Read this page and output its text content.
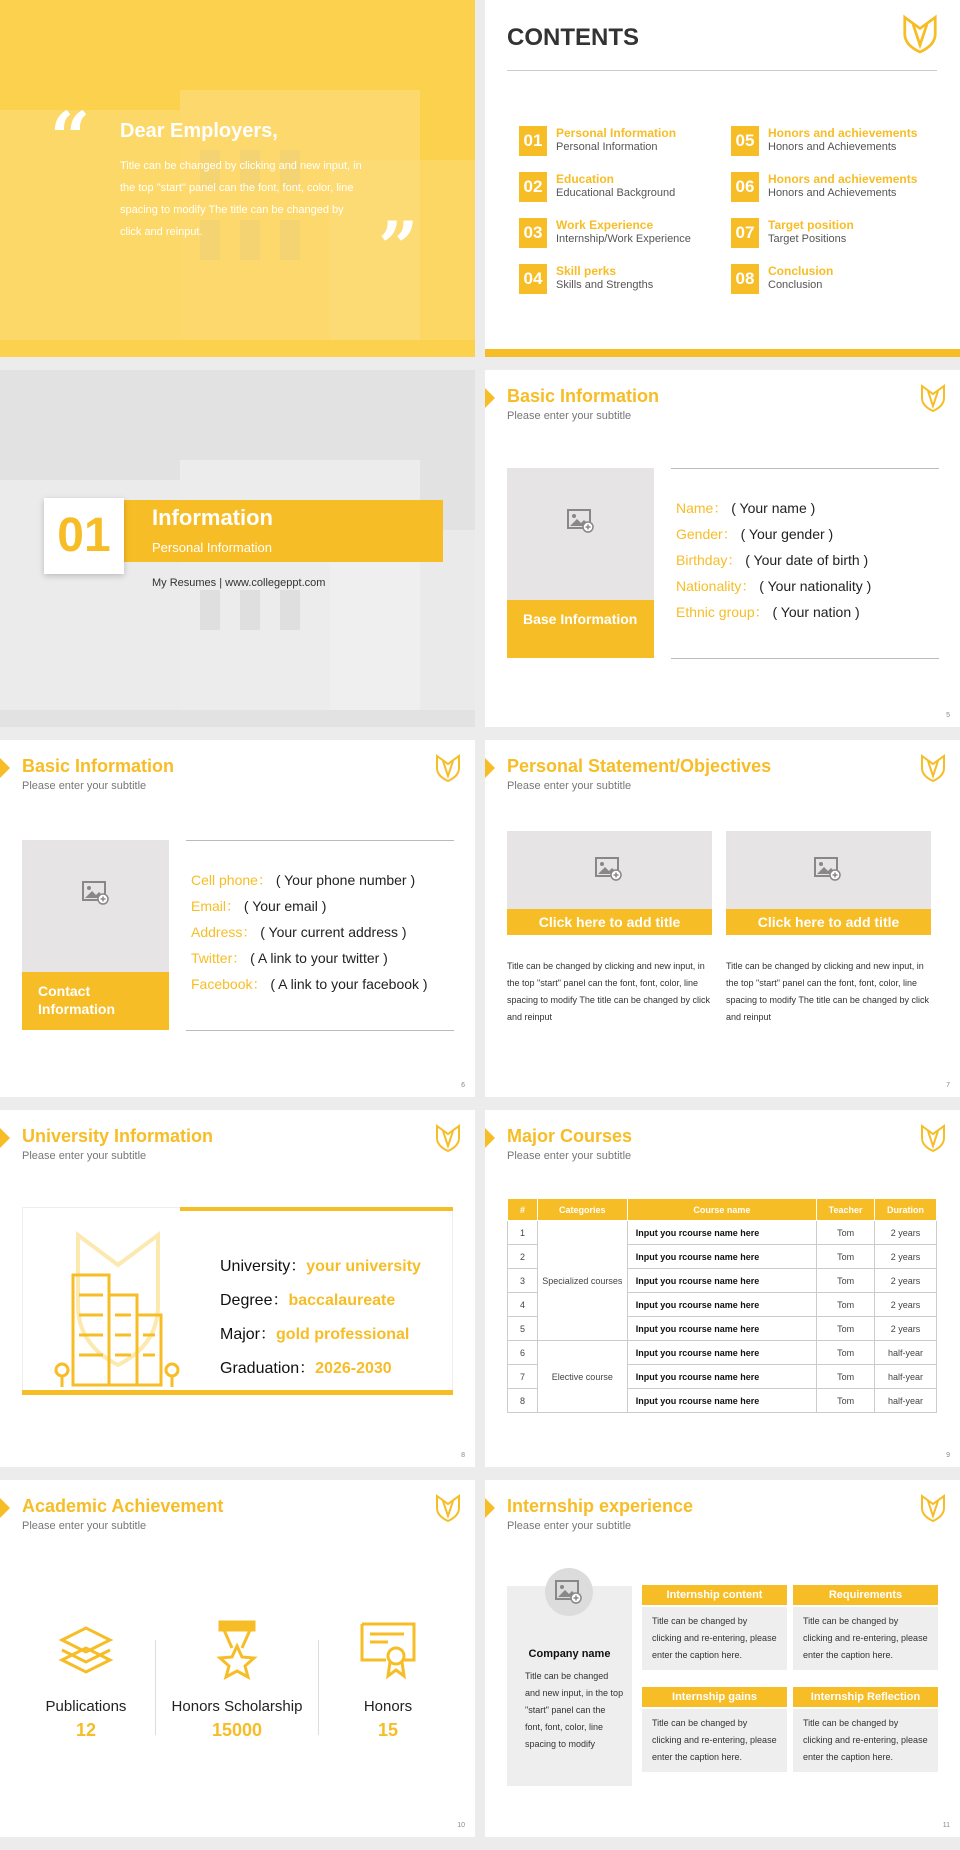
“ Dear Employers,
Title can be changed by clicking and new input, in the top "start" panel can the font, font, color, line spacing to modify The title can be changed by click and reinput.	”
CONTENTS
01	Personal Information
Personal Information
02	Education
Educational Background
03	Work Experience
Internship/Work Experience
04	Skill perks
Skills and Strengths
05	Honors and achievements
Honors and Achievements
06	Honors and achievements
Honors and Achievements
07	Target position
Target Positions
08	Conclusion
Conclusion
01	Information
Personal Information
My Resumes | www.collegeppt.com
Basic Information
Please enter your subtitle
Base Information
Name： ( Your name )
Gender： ( Your gender )
Birthday： ( Your date of birth )
Nationality： ( Your nationality )
Ethnic group： ( Your nation )
5
Basic Information
Please enter your subtitle
Contact Information
Cell phone： ( Your phone number )
Email： ( Your email )
Address： ( Your current address )
Twitter： ( A link to your twitter )
Facebook： ( A link to your facebook )
6
Personal Statement/Objectives
Please enter your subtitle
Click here to add title	Click here to add title
Title can be changed by clicking and new input, in the top "start" panel can the font, font, color, line spacing to modify The title can be changed by click and reinput
Title can be changed by clicking and new input, in the top "start" panel can the font, font, color, line spacing to modify The title can be changed by click and reinput
7
University Information
Please enter your subtitle
University：your university
Degree：baccalaureate
Major：gold professional
Graduation：2026-2030
8
Major Courses
Please enter your subtitle
#	Categories	Course name	Teacher	Duration
1	Specialized courses	Input you rcourse name here	Tom	2 years
2		Input you rcourse name here	Tom	2 years
3		Input you rcourse name here	Tom	2 years
4		Input you rcourse name here	Tom	2 years
5		Input you rcourse name here	Tom	2 years
6	Elective course	Input you rcourse name here	Tom	half-year
7		Input you rcourse name here	Tom	half-year
8		Input you rcourse name here	Tom	half-year
9
Academic Achievement
Please enter your subtitle
Publications
12
Honors Scholarship
15000
Honors
15
10
Internship experience
Please enter your subtitle
Company name
Title can be changed and new input, in the top "start" panel can the font, font, color, line spacing to modify
Internship content
Title can be changed by clicking and re-entering, please enter the caption here.
Requirements
Title can be changed by clicking and re-entering, please enter the caption here.
Internship gains
Title can be changed by clicking and re-entering, please enter the caption here.
Internship Reflection
Title can be changed by clicking and re-entering, please enter the caption here.
11
